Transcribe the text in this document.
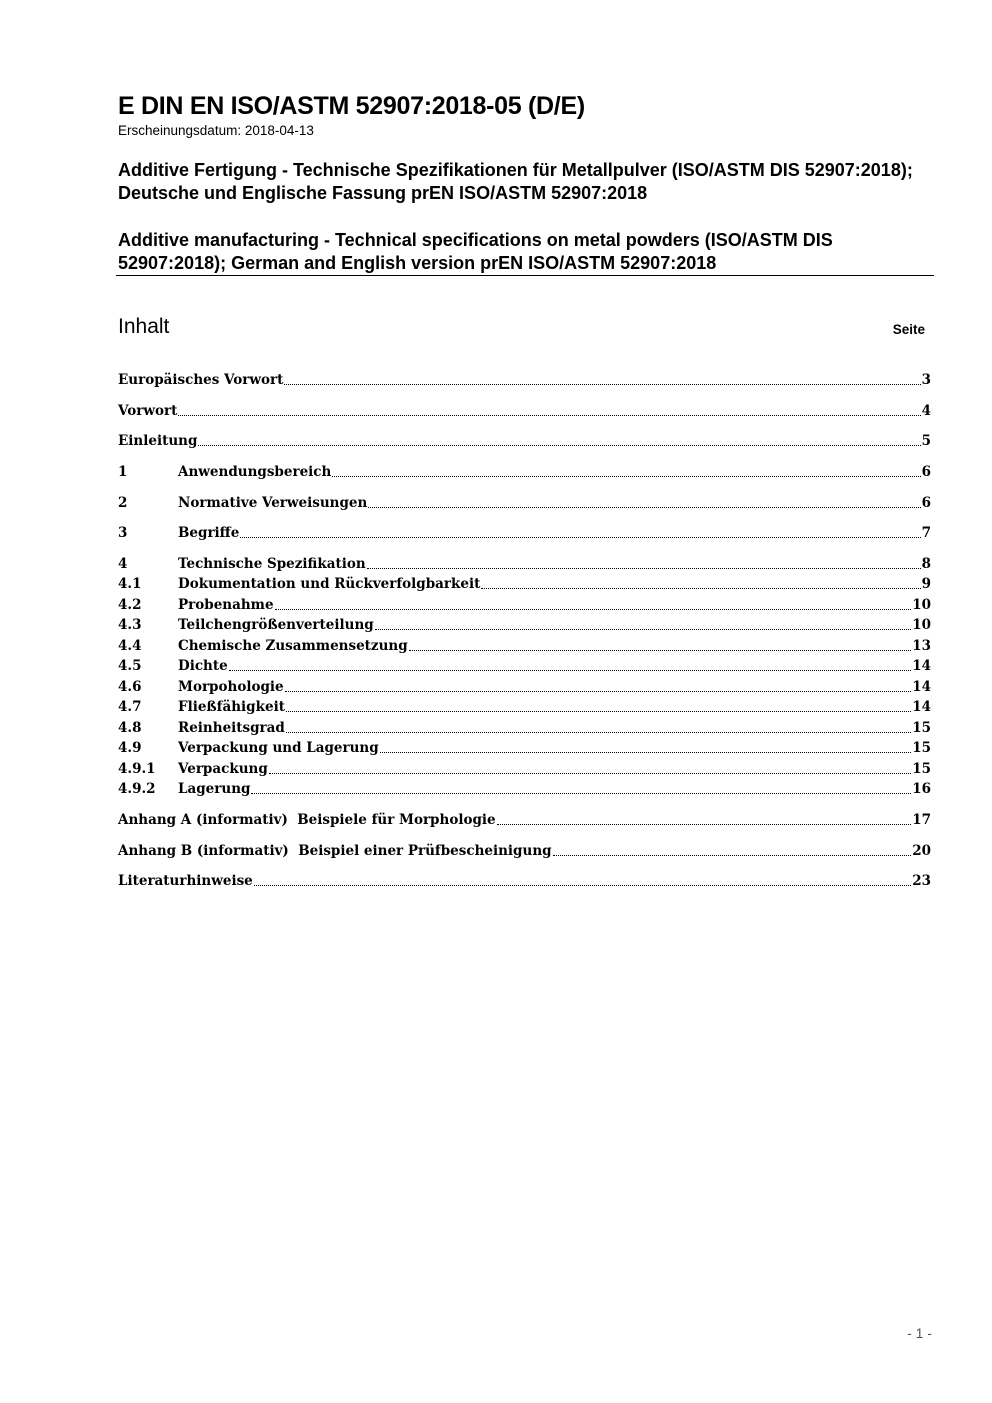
E DIN EN ISO/ASTM 52907:2018-05 (D/E)
Erscheinungsdatum: 2018-04-13
Additive Fertigung - Technische Spezifikationen für Metallpulver (ISO/ASTM DIS 52907:2018); Deutsche und Englische Fassung prEN ISO/ASTM 52907:2018
Additive manufacturing - Technical specifications on metal powders (ISO/ASTM DIS 52907:2018); German and English version prEN ISO/ASTM 52907:2018
Inhalt	Seite
Europäisches Vorwort	3
Vorwort	4
Einleitung	5
1	Anwendungsbereich	6
2	Normative Verweisungen	6
3	Begriffe	7
4	Technische Spezifikation	8
4.1	Dokumentation und Rückverfolgbarkeit	9
4.2	Probenahme	10
4.3	Teilchengrößenverteilung	10
4.4	Chemische Zusammensetzung	13
4.5	Dichte	14
4.6	Morpohologie	14
4.7	Fließfähigkeit	14
4.8	Reinheitsgrad	15
4.9	Verpackung und Lagerung	15
4.9.1	Verpackung	15
4.9.2	Lagerung	16
Anhang A (informativ)  Beispiele für Morphologie	17
Anhang B (informativ)  Beispiel einer Prüfbescheinigung	20
Literaturhinweise	23
- 1 -
